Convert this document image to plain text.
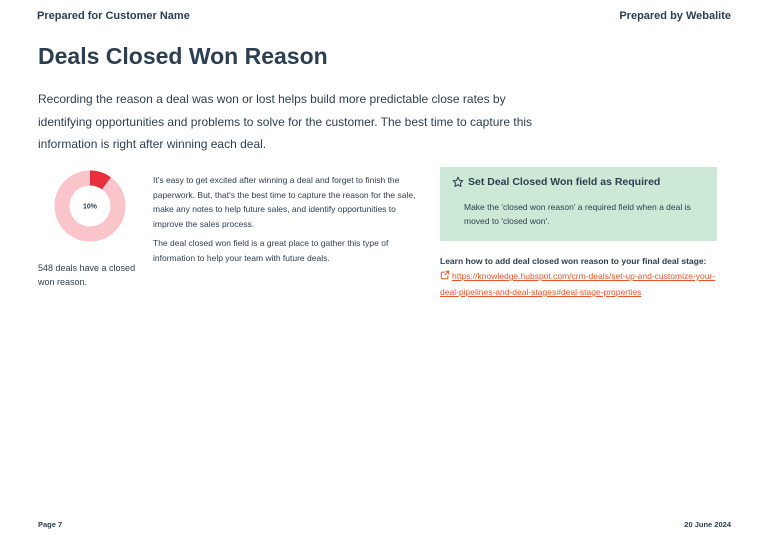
Prepared for Customer Name	Prepared by Webalite
Deals Closed Won Reason

Recording the reason a deal was won or lost helps build more predictable close rates by identifying opportunities and problems to solve for the customer. The best time to capture this information is right after winning each deal.

10%
548 deals have a closed won reason.

It's easy to get excited after winning a deal and forget to finish the paperwork. But, that's the best time to capture the reason for the sale, make any notes to help future sales, and identify opportunities to improve the sales process.

The deal closed won field is a great place to gather this type of information to help your team with future deals.

Set Deal Closed Won field as Required
Make the 'closed won reason' a required field when a deal is moved to 'closed won'.
Learn how to add deal closed won reason to your final deal stage:
https://knowledge.hubspot.com/crm-deals/set-up-and-customize-your-deal-pipelines-and-deal-stages#deal-stage-properties
Page 7	20 June 2024
